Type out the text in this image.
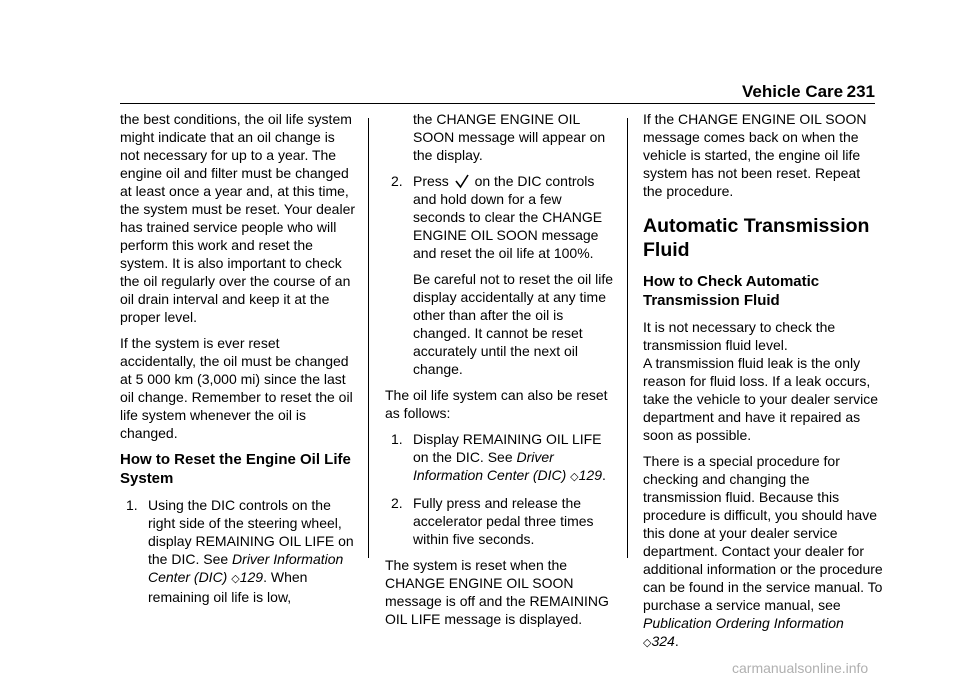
Vehicle Care 231

the best conditions, the oil life system might indicate that an oil change is not necessary for up to a year. The engine oil and filter must be changed at least once a year and, at this time, the system must be reset. Your dealer has trained service people who will perform this work and reset the system. It is also important to check the oil regularly over the course of an oil drain interval and keep it at the proper level.

If the system is ever reset accidentally, the oil must be changed at 5 000 km (3,000 mi) since the last oil change. Remember to reset the oil life system whenever the oil is changed.

How to Reset the Engine Oil Life System
1. Using the DIC controls on the right side of the steering wheel, display REMAINING OIL LIFE on the DIC. See Driver Information Center (DIC) ◇129. When remaining oil life is low,

the CHANGE ENGINE OIL SOON message will appear on the display.

2. Press on the DIC controls and hold down for a few seconds to clear the CHANGE ENGINE OIL SOON message and reset the oil life at 100%.

Be careful not to reset the oil life display accidentally at any time other than after the oil is changed. It cannot be reset accurately until the next oil change.

The oil life system can also be reset as follows:

1. Display REMAINING OIL LIFE on the DIC. See Driver Information Center (DIC) ◇129.
2. Fully press and release the accelerator pedal three times within five seconds.

The system is reset when the CHANGE ENGINE OIL SOON message is off and the REMAINING OIL LIFE message is displayed.

If the CHANGE ENGINE OIL SOON message comes back on when the vehicle is started, the engine oil life system has not been reset. Repeat the procedure.

Automatic Transmission Fluid
How to Check Automatic Transmission Fluid

It is not necessary to check the transmission fluid level.

A transmission fluid leak is the only reason for fluid loss. If a leak occurs, take the vehicle to your dealer service department and have it repaired as soon as possible.

There is a special procedure for checking and changing the transmission fluid. Because this procedure is difficult, you should have this done at your dealer service department. Contact your dealer for additional information or the procedure can be found in the service manual. To purchase a service manual, see Publication Ordering Information ◇324.

carmanualsonline.info
